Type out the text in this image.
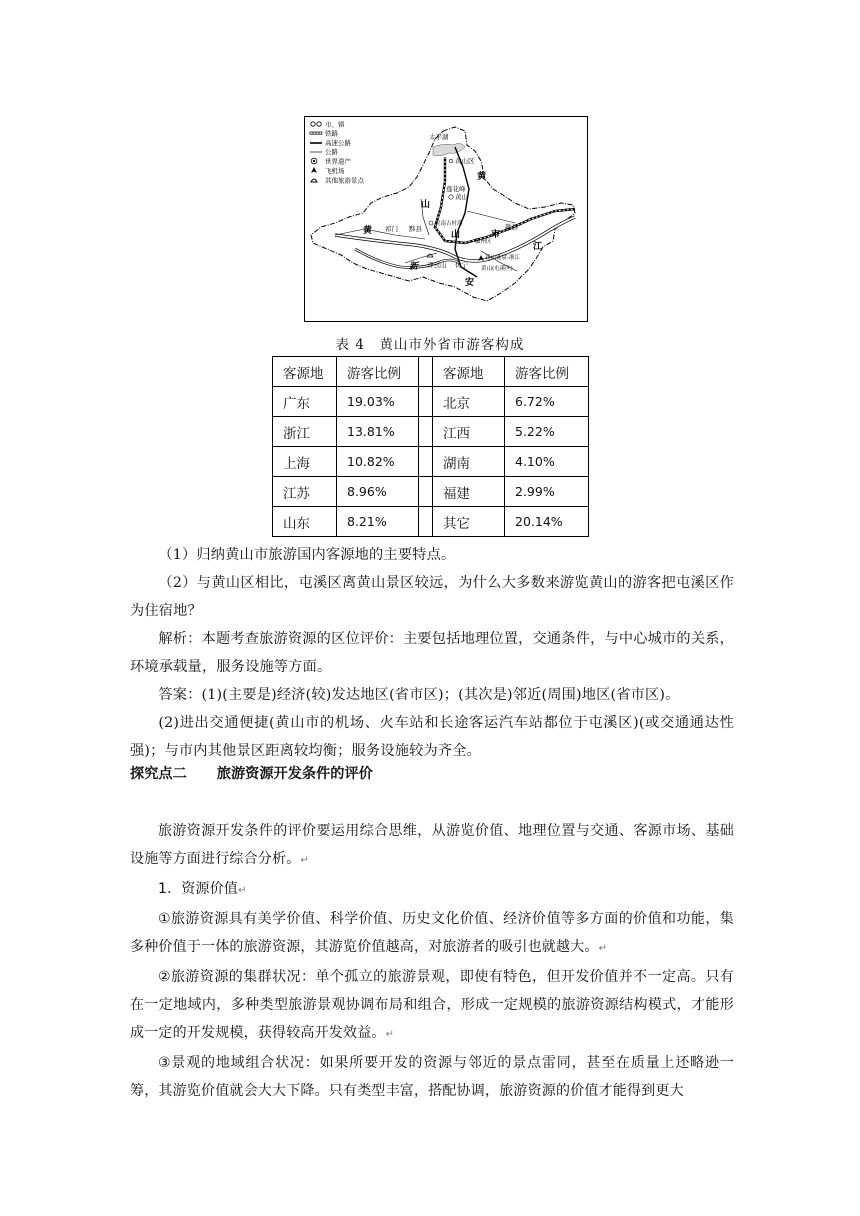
市、镇
铁路
高速公路
公路
世界遗产
飞机场
其他旅游景点
太平湖
黄山区
莲花峰
黄山
黄
山
山	市
黄 祁门 黟县
皖南古村落	歙县
徽州区
齐云山 休宁
新
安
江
花山谜窟-浙江
黄山(屯溪区)
表 4　黄山市外省市游客构成
客源地	游客比例		客源地	游客比例
广东	19.03%		北京	6.72%
浙江	13.81%		江西	5.22%
上海	10.82%		湖南	4.10%
江苏	8.96%		福建	2.99%
山东	8.21%		其它	20.14%

（1）归纳黄山市旅游国内客源地的主要特点。

（2）与黄山区相比，屯溪区离黄山景区较远，为什么大多数来游览黄山的游客把屯溪区作为住宿地？

解析：本题考查旅游资源的区位评价：主要包括地理位置，交通条件，与中心城市的关系，环境承载量，服务设施等方面。

答案：(1)(主要是)经济(较)发达地区(省市区)；(其次是)邻近(周围)地区(省市区)。

(2)进出交通便捷(黄山市的机场、火车站和长途客运汽车站都位于屯溪区)(或交通通达性强)；与市内其他景区距离较均衡；服务设施较为齐全。

探究点二 旅游资源开发条件的评价

旅游资源开发条件的评价要运用综合思维，从游览价值、地理位置与交通、客源市场、基础设施等方面进行综合分析。↵

1．资源价值↵

①旅游资源具有美学价值、科学价值、历史文化价值、经济价值等多方面的价值和功能，集多种价值于一体的旅游资源，其游览价值越高，对旅游者的吸引也就越大。↵

②旅游资源的集群状况：单个孤立的旅游景观，即使有特色，但开发价值并不一定高。只有在一定地域内，多种类型旅游景观协调布局和组合，形成一定规模的旅游资源结构模式，才能形成一定的开发规模，获得较高开发效益。↵

③景观的地域组合状况：如果所要开发的资源与邻近的景点雷同，甚至在质量上还略逊一筹，其游览价值就会大大下降。只有类型丰富，搭配协调，旅游资源的价值才能得到更大
